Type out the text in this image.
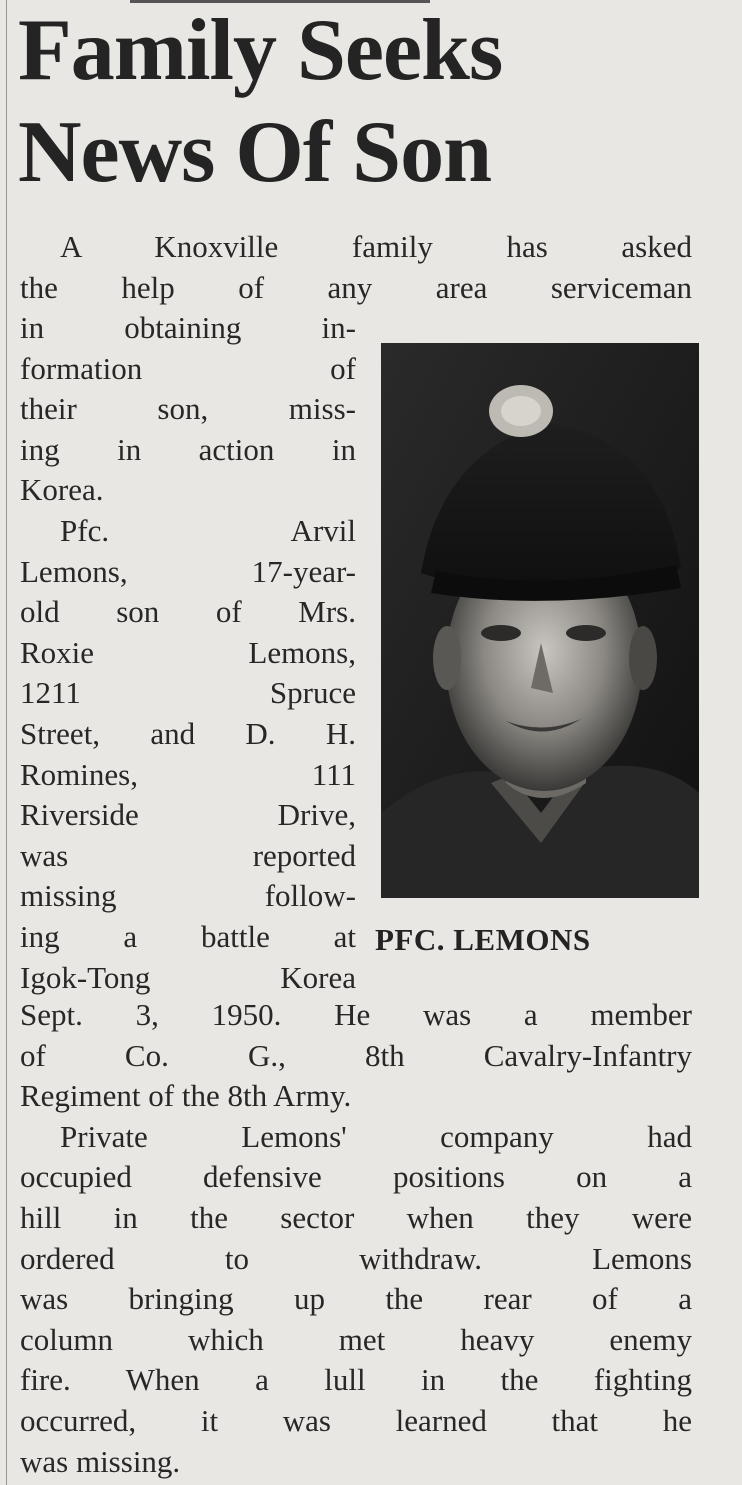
Family Seeks
News Of Son
A Knoxville family has asked
the help of any area serviceman
in obtaining in-
formation of
their son, miss-
ing in action in
Korea.
Pfc. Arvil
Lemons, 17-year-
old son of Mrs.
Roxie Lemons,
1211 Spruce
Street, and D. H.
Romines, 111
Riverside Drive,
was reported
missing follow-
ing a battle at
Igok-Tong Korea
PFC. LEMONS
Sept. 3, 1950. He was a member
of Co. G., 8th Cavalry-Infantry
Regiment of the 8th Army.
Private Lemons' company had
occupied defensive positions on a
hill in the sector when they were
ordered to withdraw. Lemons
was bringing up the rear of a
column which met heavy enemy
fire. When a lull in the fighting
occurred, it was learned that he
was missing.
